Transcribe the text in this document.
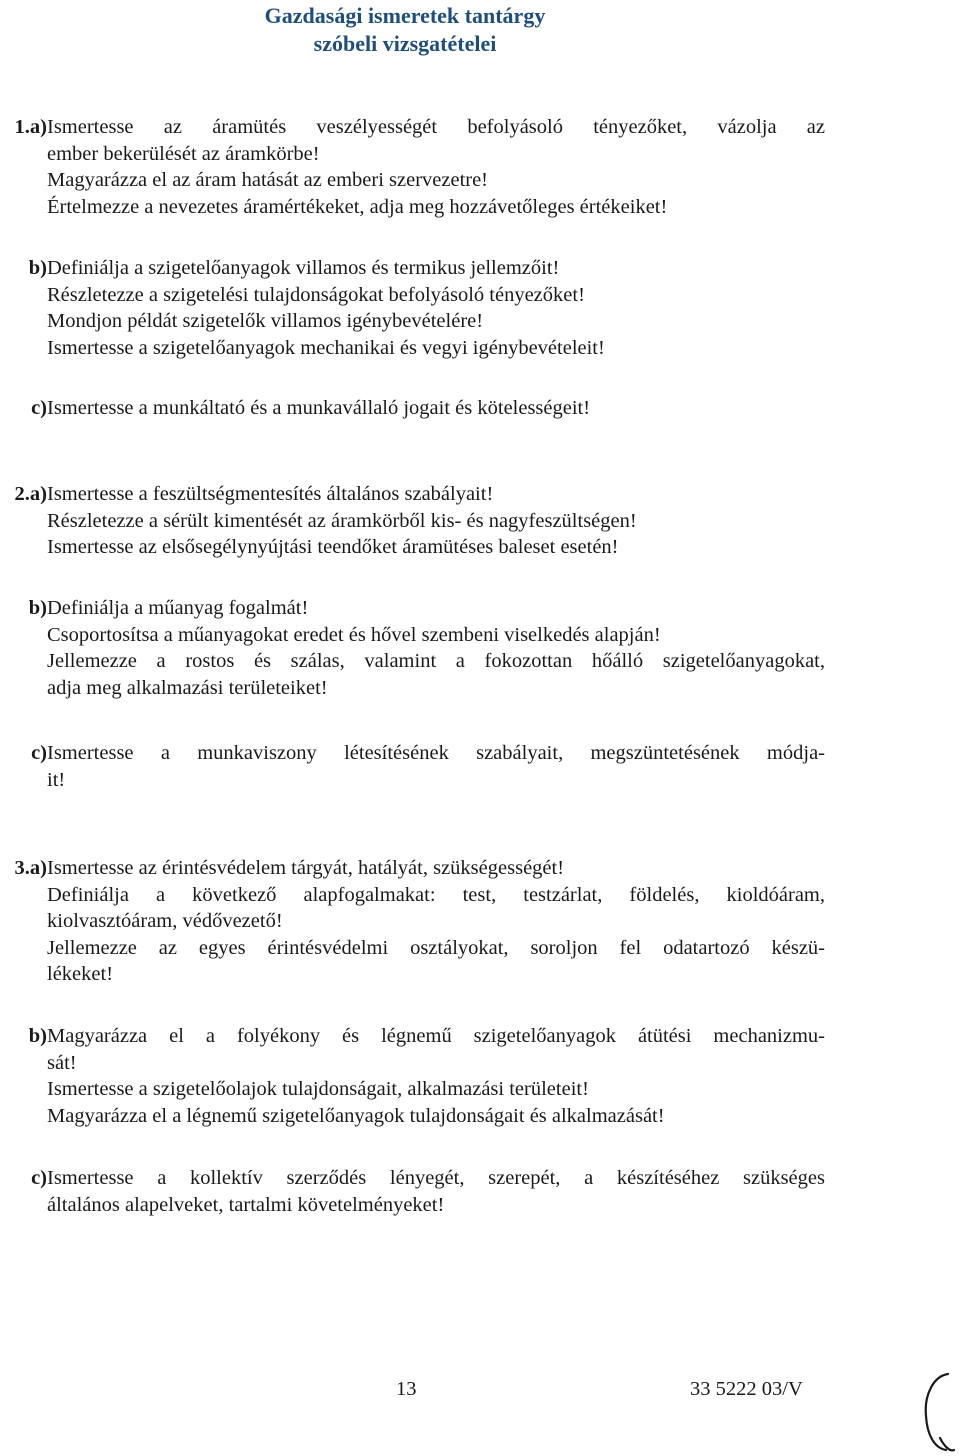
Gazdasági ismeretek tantárgy
szóbeli vizsgatételei
1.a) Ismertesse az áramütés veszélyességét befolyásoló tényezőket, vázolja az
ember bekerülését az áramkörbe!
Magyarázza el az áram hatását az emberi szervezetre!
Értelmezze a nevezetes áramértékeket, adja meg hozzávetőleges értékeiket!
b) Definiálja a szigetelőanyagok villamos és termikus jellemzőit!
Részletezze a szigetelési tulajdonságokat befolyásoló tényezőket!
Mondjon példát szigetelők villamos igénybevételére!
Ismertesse a szigetelőanyagok mechanikai és vegyi igénybevételeit!
c) Ismertesse a munkáltató és a munkavállaló jogait és kötelességeit!
2.a) Ismertesse a feszültségmentesítés általános szabályait!
Részletezze a sérült kimentését az áramkörből kis- és nagyfeszültségen!
Ismertesse az elsősegélynyújtási teendőket áramütéses baleset esetén!
b) Definiálja a műanyag fogalmát!
Csoportosítsa a műanyagokat eredet és hővel szembeni viselkedés alapján!
Jellemezze a rostos és szálas, valamint a fokozottan hőálló szigetelőanyagokat,
adja meg alkalmazási területeiket!
c) Ismertesse a munkaviszony létesítésének szabályait, megszüntetésének módja-
it!
3.a) Ismertesse az érintésvédelem tárgyát, hatályát, szükségességét!
Definiálja a következő alapfogalmakat: test, testzárlat, földelés, kioldóáram,
kiolvasztóáram, védővezető!
Jellemezze az egyes érintésvédelmi osztályokat, soroljon fel odatartozó készü-
lékeket!
b) Magyarázza el a folyékony és légnemű szigetelőanyagok átütési mechanizmu-
sát!
Ismertesse a szigetelőolajok tulajdonságait, alkalmazási területeit!
Magyarázza el a légnemű szigetelőanyagok tulajdonságait és alkalmazását!
c) Ismertesse a kollektív szerződés lényegét, szerepét, a készítéséhez szükséges
általános alapelveket, tartalmi követelményeket!
13	33 5222 03/V
